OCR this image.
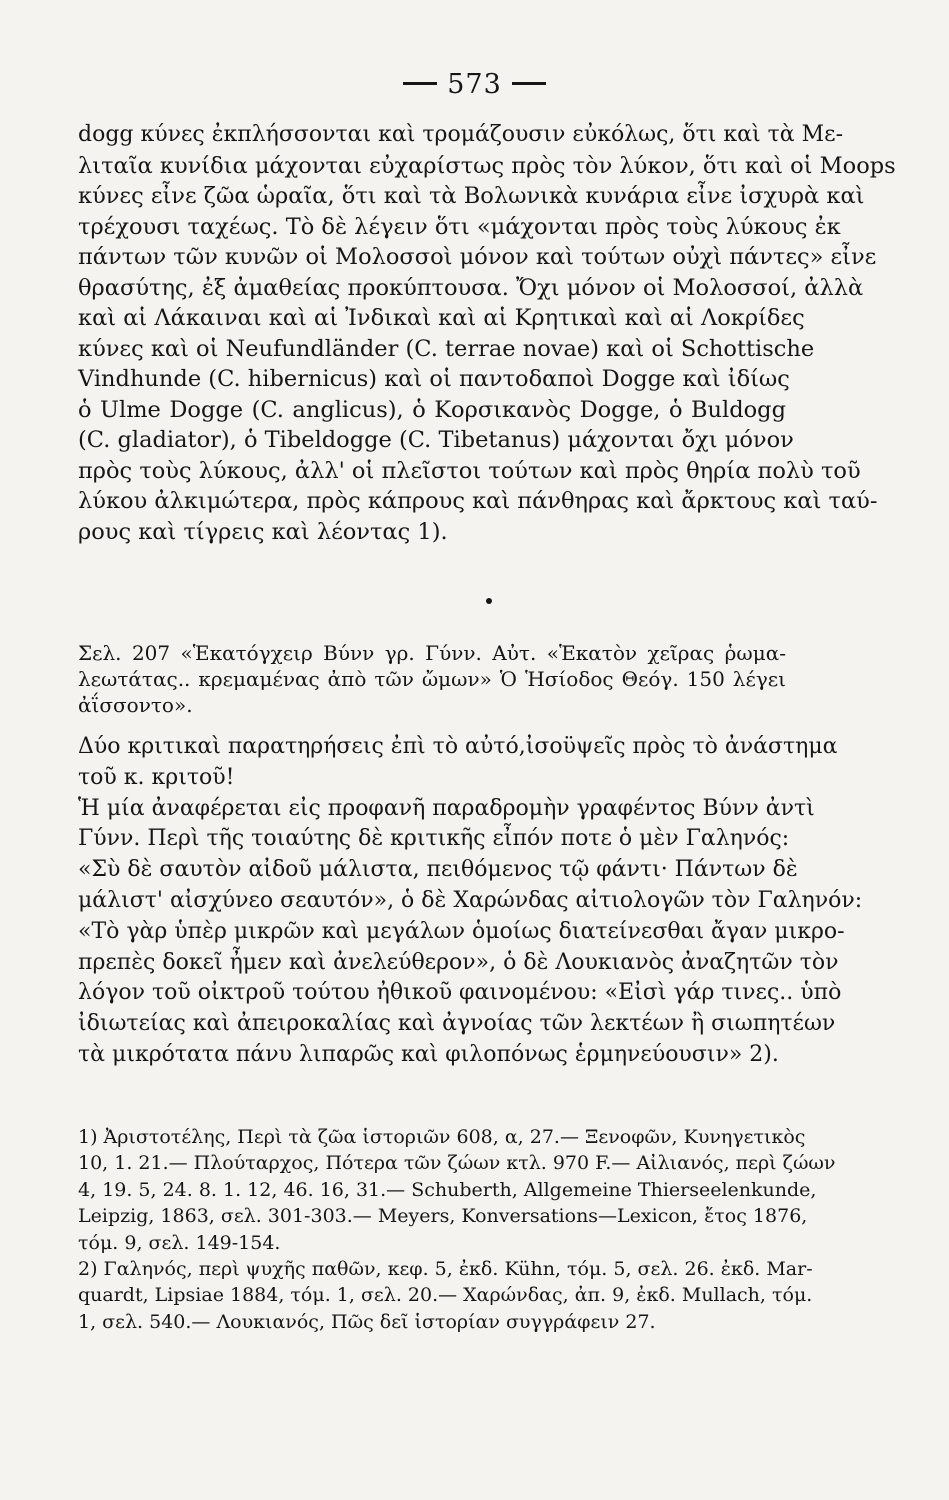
573
dogg κύνες ἐκπλήσσονται καὶ τρομάζουσιν εὐκόλως, ὅτι καὶ τὰ Με-
λιταῖα κυνίδια μάχονται εὐχαρίστως πρὸς τὸν λύκον, ὅτι καὶ οἱ Moops
κύνες εἶνε ζῶα ὡραῖα, ὅτι καὶ τὰ Βολωνικὰ κυνάρια εἶνε ἰσχυρὰ καὶ
τρέχουσι ταχέως. Τὸ δὲ λέγειν ὅτι «μάχονται πρὸς τοὺς λύκους ἐκ
πάντων τῶν κυνῶν οἱ Μολοσσοὶ μόνον καὶ τούτων οὐχὶ πάντες» εἶνε
θρασύτης, ἐξ ἀμαθείας προκύπτουσα. Ὄχι μόνον οἱ Μολοσσοί, ἀλλὰ
καὶ αἱ Λάκαιναι καὶ αἱ Ἰνδικαὶ καὶ αἱ Κρητικαὶ καὶ αἱ Λοκρίδες
κύνες καὶ οἱ Neufundländer (C. terrae novae) καὶ οἱ Schottische
Vindhunde (C. hibernicus) καὶ οἱ παντοδαποὶ Dogge καὶ ἰδίως
ὁ Ulme Dogge (C. anglicus), ὁ Κορσικανὸς Dogge, ὁ Buldogg
(C. gladiator), ὁ Tibeldogge (C. Tibetanus) μάχονται ὄχι μόνον
πρὸς τοὺς λύκους, ἀλλ' οἱ πλεῖστοι τούτων καὶ πρὸς θηρία πολὺ τοῦ
λύκου ἀλκιμώτερα, πρὸς κάπρους καὶ πάνθηρας καὶ ἄρκτους καὶ ταύ-
ρους καὶ τίγρεις καὶ λέοντας 1).
Σελ. 207 «Ἑκατόγχειρ Βύνν γρ. Γύνν. Αὐτ. «Ἑκατὸν χεῖρας ῥωμα-
λεωτάτας.. κρεμαμένας ἀπὸ τῶν ὤμων» Ὁ Ἡσίοδος Θεόγ. 150 λέγει
ἀΐσσοντο».
Δύο κριτικαὶ παρατηρήσεις ἐπὶ τὸ αὐτό,ἰσοϋψεῖς πρὸς τὸ ἀνάστημα
τοῦ κ. κριτοῦ!
Ἡ μία ἀναφέρεται εἰς προφανῆ παραδρομὴν γραφέντος Βύνν ἀντὶ
Γύνν. Περὶ τῆς τοιαύτης δὲ κριτικῆς εἶπόν ποτε ὁ μὲν Γαληνός:
«Σὺ δὲ σαυτὸν αἰδοῦ μάλιστα, πειθόμενος τῷ φάντι· Πάντων δὲ
μάλιστ' αἰσχύνεο σεαυτόν», ὁ δὲ Χαρώνδας αἰτιολογῶν τὸν Γαληνόν:
«Τὸ γὰρ ὑπὲρ μικρῶν καὶ μεγάλων ὁμοίως διατείνεσθαι ἄγαν μικρο-
πρεπὲς δοκεῖ ἦμεν καὶ ἀνελεύθερον», ὁ δὲ Λουκιανὸς ἀναζητῶν τὸν
λόγον τοῦ οἰκτροῦ τούτου ἠθικοῦ φαινομένου: «Εἰσὶ γάρ τινες.. ὑπὸ
ἰδιωτείας καὶ ἀπειροκαλίας καὶ ἀγνοίας τῶν λεκτέων ἢ σιωπητέων
τὰ μικρότατα πάνυ λιπαρῶς καὶ φιλοπόνως ἑρμηνεύουσιν» 2).
1) Ἀριστοτέλης, Περὶ τὰ ζῶα ἱστοριῶν 608, α, 27.— Ξενοφῶν, Κυνηγετικὸς
10, 1. 21.— Πλούταρχος, Πότερα τῶν ζώων κτλ. 970 F.— Αἰλιανός, περὶ ζώων
4, 19. 5, 24. 8. 1. 12, 46. 16, 31.— Schuberth, Allgemeine Thierseelenkunde,
Leipzig, 1863, σελ. 301-303.— Meyers, Konversations—Lexicon, ἔτος 1876,
τόμ. 9, σελ. 149-154.
2) Γαληνός, περὶ ψυχῆς παθῶν, κεφ. 5, ἐκδ. Kühn, τόμ. 5, σελ. 26. ἐκδ. Mar-
quardt, Lipsiae 1884, τόμ. 1, σελ. 20.— Χαρώνδας, ἀπ. 9, ἐκδ. Mullach, τόμ.
1, σελ. 540.— Λουκιανός, Πῶς δεῖ ἱστορίαν συγγράφειν 27.
